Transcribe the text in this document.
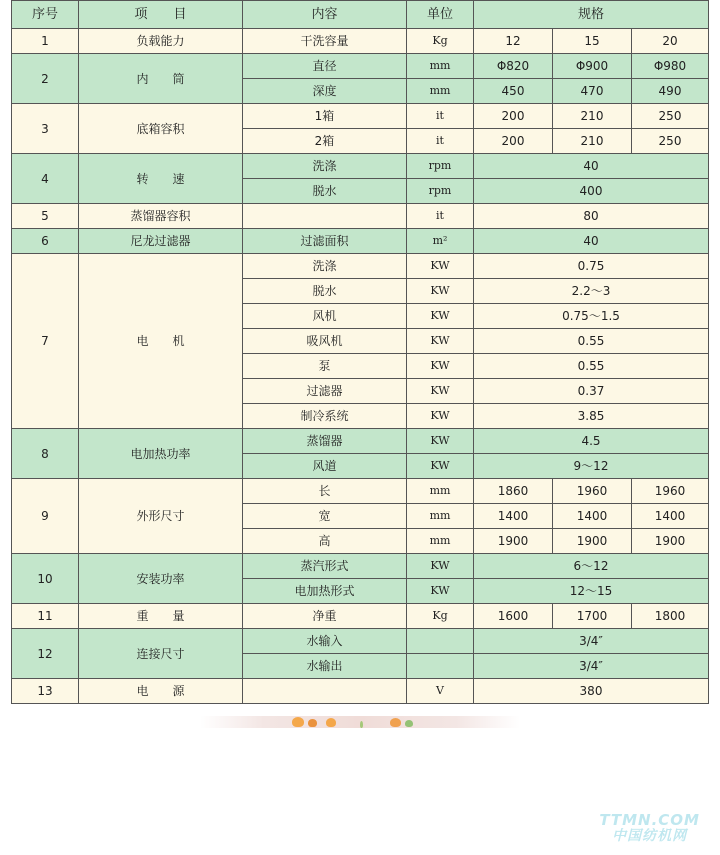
序号	项　　目	内容	单位	规格		
1	负载能力	干洗容量	Kg	12	15	20
2	内　　筒	直径	mm	Φ820	Φ900	Φ980
		深度	mm	450	470	490
3	底箱容积	1箱	it	200	210	250
		2箱	it	200	210	250
4	转　　速	洗涤	rpm	40		
		脱水	rpm	400		
5	蒸馏器容积		it	80		
6	尼龙过滤器	过滤面积	m²	40		
7	电　　机	洗涤	KW	0.75		
		脱水	KW	2.2～3		
		风机	KW	0.75～1.5		
		吸风机	KW	0.55		
		泵	KW	0.55		
		过滤器	KW	0.37		
		制冷系统	KW	3.85		
8	电加热功率	蒸馏器	KW	4.5		
		风道	KW	9～12		
9	外形尺寸	长	mm	1860	1960	1960
		宽	mm	1400	1400	1400
		高	mm	1900	1900	1900
10	安装功率	蒸汽形式	KW	6～12		
		电加热形式	KW	12～15		
11	重　　量	净重	Kg	1600	1700	1800
12	连接尺寸	水输入		3/4″		
		水输出		3/4″		
13	电　　源		V	380		
TTMN.COM
中国纺机网
